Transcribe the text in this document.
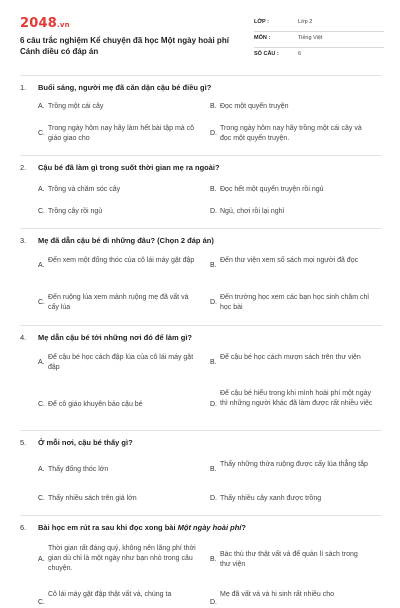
2048.vn
6 câu trắc nghiệm Kể chuyện đã học Một ngày hoài phí Cánh diều có đáp án
LỚP :	Lớp 2
MÔN :	Tiếng Việt
SỐ CÂU :	6
1. Buổi sáng, người mẹ đã căn dặn cậu bé điều gì?
A. Trồng một cái cây	B. Đọc một quyển truyện
C.
Trong ngày hôm nay hãy làm hết bài tập mà cô giáo giao cho
D.
Trong ngày hôm nay hãy trồng một cái cây và đọc một quyển truyện.
2. Cậu bé đã làm gì trong suốt thời gian mẹ ra ngoài?
A. Trồng và chăm sóc cây	B. Đọc hết một quyển truyện rồi ngủ
C. Trồng cây rồi ngủ	D. Ngủ, chơi rồi lại nghỉ
3. Mẹ đã dẫn cậu bé đi những đâu? (Chọn 2 đáp án)
A.
Đến xem một đống thóc của cô lái máy gặt đập
B.
Đến thư viện xem số sách mọi người đã đọc
C.
Đến ruộng lúa xem mảnh ruộng mẹ đã vất và cấy lúa
D.
Đến trường học xem các bạn học sinh chăm chỉ học bài
4. Mẹ dẫn cậu bé tới những nơi đó để làm gì?
A.
Để cậu bé học cách đập lúa của cô lái máy gặt đập
B.
Để cậu bé học cách mượn sách trên thư viện
C. Để cô giáo khuyên bảo cậu bé	D.
Để cậu bé hiểu trong khi mình hoài phí một ngày thì những người khác đã làm được rất nhiều việc
5. Ở mỗi nơi, cậu bé thấy gì?
A. Thấy đống thóc lớn	B.
Thấy những thửa ruộng được cấy lúa thẳng tắp
C. Thấy nhiều sách trên giá lớn	D. Thấy nhiều cây xanh được trồng
6. Bài học em rút ra sau khi đọc xong bài Một ngày hoài phí?
A.
Thời gian rất đáng quý, không nên lãng phí thời gian dù chỉ là một ngày như bạn nhỏ trong câu chuyện.
B.
Bác thủ thư thật vất vả để quản lí sách trong thư viện
C.
Cô lái máy gặt đập thật vất vả, chúng ta
D.
Mẹ đã vất vả và hi sinh rất nhiều cho
